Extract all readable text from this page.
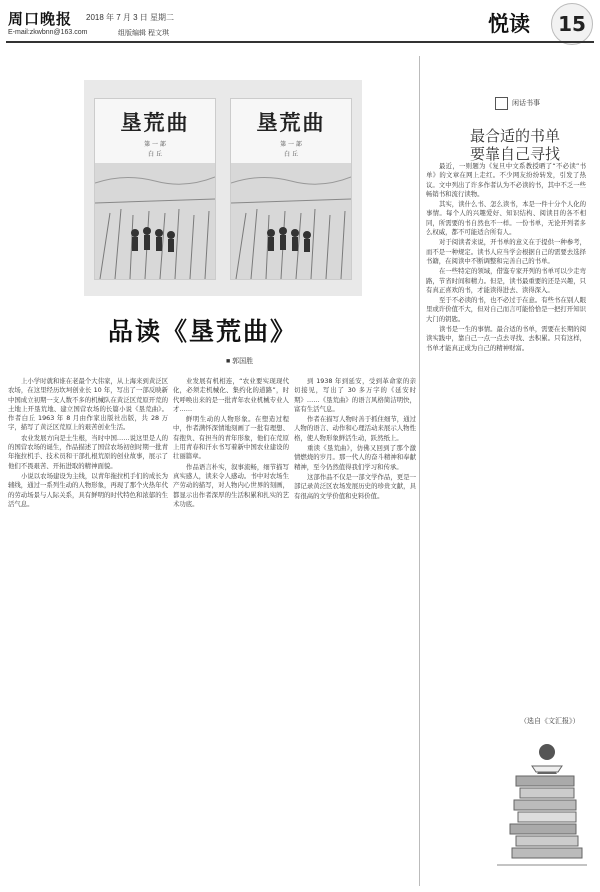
周口晚报
E-mail:zkwbnn@163.com
2018 年 7 月 3 日 星期二
组版编辑 程文琪	悦读	15
垦荒曲
第 一 部
白 丘
垦荒曲
第 一 部
白 丘
品读《垦荒曲》
■ 郭国胜

上小学时就和谁在老最个大伟家，从上海来到黄泛区农场，在这里经历坎坷创业长 10 年，写出了一部反映新中国成立初期一支人数不多的机械队在黄泛区荒原开荒的土地上开垦荒地、建立国营农场的长篇小说《垦荒曲》。作者白丘 1963 年 8 月由作家出版社出版，共 28 万字，描写了黄泛区荒原上的艰苦创业生活。

农业发展方向是土生根，当时中国……说这里是人的的国营农场的诞生，作品描述了国营农场初创时期一批青年拖拉机手、技术员和干部扎根荒原的创业故事，展示了他们不畏艰苦、开拓进取的精神面貌。

小说以农场建设为主线，以青年拖拉机手们的成长为辅线，通过一系列生动的人物形象，再现了那个火热年代的劳动场景与人际关系，具有鲜明的时代特色和浓郁的生活气息。

业发展有机相连，“农业要实现现代化，必须走机械化、集约化的道路”，时代呼唤出来的是一批青年农业机械专业人才……

鲜明生动的人物形象。在塑造过程中，作者满怀深情地刻画了一批有理想、有抱负、有担当的青年形象，他们在荒原上用青春和汗水书写着新中国农业建设的壮丽篇章。

作品语言朴实，叙事流畅，细节描写真实感人，读来令人感动。书中对农场生产劳动的描写，对人物内心世界的刻画，都显示出作者深厚的生活积累和扎实的艺术功底。

到 1938 年到延安，受到革命家的亲切接见，写出了 30 多万字的《延安时期》……《垦荒曲》的语言风格简洁明快，富有生活气息。

作者在描写人物时善于抓住细节，通过人物的语言、动作和心理活动来展示人物性格，使人物形象鲜活生动，跃然纸上。

重读《垦荒曲》，仿佛又回到了那个激情燃烧的岁月。那一代人的奋斗精神和奉献精神，至今仍然值得我们学习和传承。

这部作品不仅是一部文学作品，更是一部记录黄泛区农场发展历史的珍贵文献，具有很高的文学价值和史料价值。

闲话书事
最合适的书单
要靠自己寻找

最近，一则题为《复旦中文系教授晒了“不必读”书单》的文章在网上走红。不少网友纷纷转发，引发了热议。文中列出了许多作者认为不必读的书，其中不乏一些畅销书和流行读物。

其实，读什么书、怎么读书，本是一件十分个人化的事情。每个人的兴趣爱好、知识结构、阅读目的各不相同，所需要的书自然也不一样。一份书单，无论开列者多么权威，都不可能适合所有人。

对于阅读者来说，开书单的意义在于提供一种参考，而不是一种规定。读书人应当学会根据自己的需要去选择书籍，在阅读中不断调整和完善自己的书单。

在一些特定的领域，借鉴专家开列的书单可以少走弯路，节省时间和精力。但是，读书最重要的还是兴趣，只有真正喜欢的书，才能读得进去、读得深入。

至于不必读的书，也不必过于在意。有些书在别人眼里或许价值不大，但对自己而言可能恰恰是一把打开知识大门的钥匙。

读书是一生的事情。最合适的书单，需要在长期的阅读实践中，靠自己一点一点去寻找、去积累。只有这样，书单才能真正成为自己的精神财富。

（选自《文汇报》）
